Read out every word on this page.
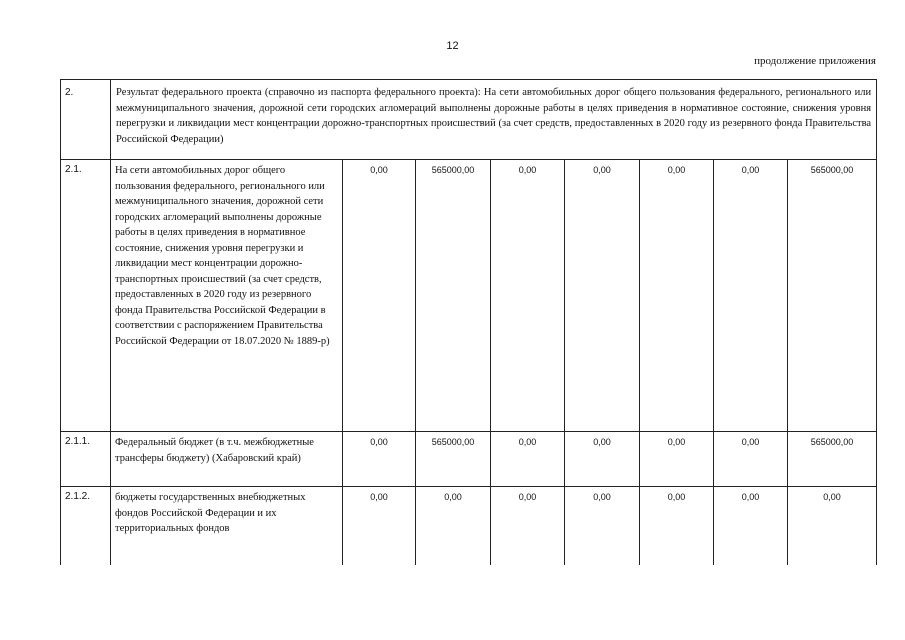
12
продолжение приложения
2.	Результат федерального проекта (справочно из паспорта федерального проекта): На сети автомобильных дорог общего пользования федерального, регионального или межмуниципального значения, дорожной сети городских агломераций выполнены дорожные работы в целях приведения в нормативное состояние, снижения уровня перегрузки и ликвидации мест концентрации дорожно-транспортных происшествий (за счет средств, предоставленных в 2020 году из резервного фонда Правительства Российской Федерации)							
2.1.	На сети автомобильных дорог общего пользования федерального, регионального или межмуниципального значения, дорожной сети городских агломераций выполнены дорожные работы в целях приведения в нормативное состояние, снижения уровня перегрузки и ликвидации мест концентрации дорожно-транспортных происшествий (за счет средств, предоставленных в 2020 году из резервного фонда Правительства Российской Федерации в соответствии с распоряжением Правительства Российской Федерации от 18.07.2020 № 1889-р)	0,00	565000,00	0,00	0,00	0,00	0,00	565000,00
2.1.1.	Федеральный бюджет (в т.ч. межбюджетные трансферы бюджету) (Хабаровский край)	0,00	565000,00	0,00	0,00	0,00	0,00	565000,00
2.1.2.	бюджеты государственных внебюджетных фондов Российской Федерации и их территориальных фондов	0,00	0,00	0,00	0,00	0,00	0,00	0,00
